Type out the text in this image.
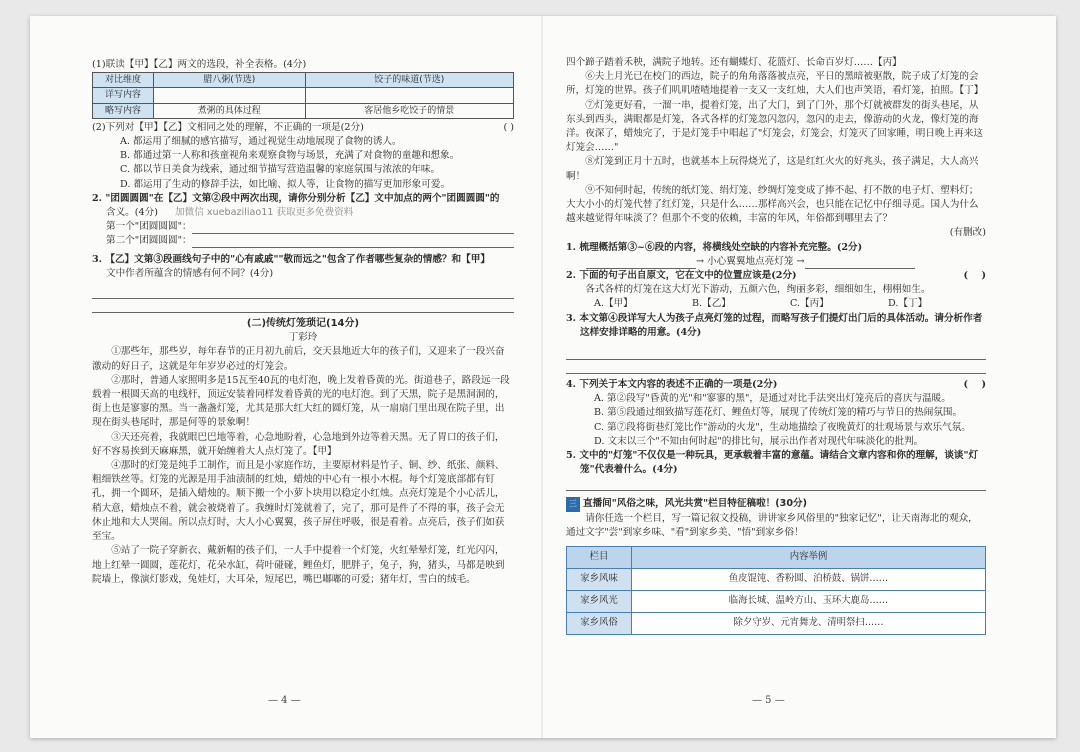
(1)联读【甲】【乙】两文的选段，补全表格。(4分)

对比维度	腊八粥(节选)	饺子的味道(节选)
详写内容		
略写内容	煮粥的具体过程	客居他乡吃饺子的情景

(2)下列对【甲】【乙】文相同之处的理解，不正确的一项是(2分)	( )

A. 都运用了细腻的感官描写，通过视觉生动地展现了食物的诱人。

B. 都通过第一人称和孩童视角来观察食物与场景，充满了对食物的童趣和想象。

C. 都以节日美食为线索，通过细节描写营造温馨的家庭氛围与浓浓的年味。

D. 都运用了生动的修辞手法，如比喻、拟人等，让食物的描写更加形象可爱。

2. "团圆圆圆"在【乙】文第②段中两次出现，请你分别分析【乙】文中加点的两个"团圆圆圆"的

含义。(4分) 加微信 xuebaziliao11 获取更多免费资料

第一个"团圆圆圆"：

第二个"团圆圆圆"：

3. 【乙】文第③段画线句子中的"心有戚戚""敬而远之"包含了作者哪些复杂的情感？和【甲】

文中作者所蕴含的情感有何不同？(4分)

(二)传统灯笼琐记(14分)

丁彩玲

①那些年，那些岁，每年春节的正月初九前后，交天县地近大年的孩子们，又迎来了一段兴奋激动的好日子，这就是年年岁岁必过的灯笼会。

②那时，普通人家照明多是15瓦至40瓦的电灯泡，晚上发着昏黄的光。街道巷子，路段远一段载着一根圆天高的电线杆，顶远安装着同样发着昏黄的光的电灯泡。到了天黑，院子是黑洞洞的，街上也是寥寥的黑。当一盏盏灯笼，尤其是那大红大红的圆灯笼，从一扇扇门里出现在院子里，出现在街头巷尾时，那是何等的景象啊！

③天还亮着，我就眼巴巴地等着，心急地盼着，心急地到外边等着天黑。无了胃口的孩子们，好不容易挨到天麻麻黑，就开始缠着大人点灯笼了。【甲】

④那时的灯笼是纯手工制作，而且是小家庭作坊，主要原材料是竹子、铜、纱、纸张、颜料、粗细铁丝等。灯笼的光源是用手油渍制的红烛，蜡烛的中心有一根小木棍。每个灯笼底部都有钉孔，拥一个圆环，是插入蜡烛的。顺下搬一个小萝卜块用以稳定小红烛。点亮灯笼是个小心活儿，稍大意，蜡烛点不着，就会被烧着了。我缠时灯笼就着了，完了，那可是件了不得的事，孩子会无休止地和大人哭闹。所以点灯时，大人小心翼翼，孩子屏住呼吸，很是看着。点亮后，孩子们如获至宝。

⑤站了一院子穿新衣、戴新帽的孩子们，一人手中提着一个灯笼，火红晕晕灯笼，红光闪闪，地上红晕一圆圆，莲花灯，花朵水缸，荷叶碰碰，鲤鱼灯，肥胖子，兔子，狗，猪头，马都是映到院墙上，像演灯影戏，兔娃灯，大耳朵，短尾巴，嘴巴嘟嘟的可爱；猪年灯，雪白的绒毛。

— 4 —

四个蹄子踏着禾秧，满院子地转。还有蝴蝶灯、花篮灯、长命百岁灯……【丙】

⑥夫上月光已在校门的西边，院子的角角落落被点亮，平日的黑暗被驱散，院子成了灯笼的会所，灯笼的世界。孩子们叽叽喳喳地提着一支又一支红烛，大人们也声笑语，看灯笼，拍照。【丁】

⑦灯笼更好看，一溜一串，提着灯笼，出了大门，到了门外，那个灯就被群发的街头巷尾，从东头到西头，满眼都是灯笼，各式各样的灯笼忽闪忽闪，忽闪的走去，像游动的火龙，像灯笼的海洋。夜深了，蜡烛完了，于是灯笼手中唱起了"灯笼会，灯笼会，灯笼灭了回家睡，明日晚上再来这灯笼会……"

⑧灯笼到正月十五时，也就基本上玩得烧光了，这是红红火火的好兆头，孩子满足，大人高兴啊！

⑨不知何时起，传统的纸灯笼、绢灯笼、纱绸灯笼变成了捧不起、打不散的电子灯、塑料灯；大大小小的灯笼代替了红灯笼，只是什么……那样高兴会，也只能在记忆中仔细寻觅。国人为什么越来越觉得年味淡了？但那个不变的依赖，丰富的年风，年俗都到哪里去了？

(有删改)

1. 梳理概括第③~⑥段的内容，将横线处空缺的内容补充完整。(2分)

→ 小心翼翼地点亮灯笼 →

2. 下面的句子出自原文，它在文中的位置应该是(2分)	(    )

各式各样的灯笼在这大灯光下游动，五颜六色，绚丽多彩，细细如生，栩栩如生。

A.【甲】	B.【乙】	C.【丙】	D.【丁】

3. 本文第④段详写大人为孩子点亮灯笼的过程，而略写孩子们提灯出门后的具体活动。请分析作者这样安排详略的用意。(4分)

4. 下列关于本文内容的表述不正确的一项是(2分)	(    )

A. 第②段写"昏黄的光"和"寥寥的黑"，是通过对比手法突出灯笼亮后的喜庆与温暖。

B. 第⑤段通过细致描写莲花灯、鲤鱼灯等，展现了传统灯笼的精巧与节日的热闹氛围。

C. 第⑦段将街巷灯笼比作"游动的火龙"，生动地描绘了夜晚黄灯的壮观场景与欢乐气氛。

D. 文末以三个"不知由何时起"的排比句，展示出作者对现代年味淡化的批判。

5. 文中的"灯笼"不仅仅是一种玩具，更承载着丰富的意蕴。请结合文章内容和你的理解，谈谈"灯笼"代表着什么。(4分)

三 直播间"风俗之味，风光共赏"栏目特征稿啦！(30分)

请你任选一个栏目，写一篇记叙文投稿，讲讲家乡风俗里的"独家记忆"，让天南海北的观众，通过文字"尝"到家乡味、"看"到家乡美、"悟"到家乡俗！

栏目	内容举例
家乡风味	鱼皮馄饨、香粉圆、泊桥鼓、锅饼……
家乡风光	临海长城、温岭方山、玉环大鹿岛……
家乡风俗	除夕守岁、元宵舞龙、清明祭扫……
— 5 —
